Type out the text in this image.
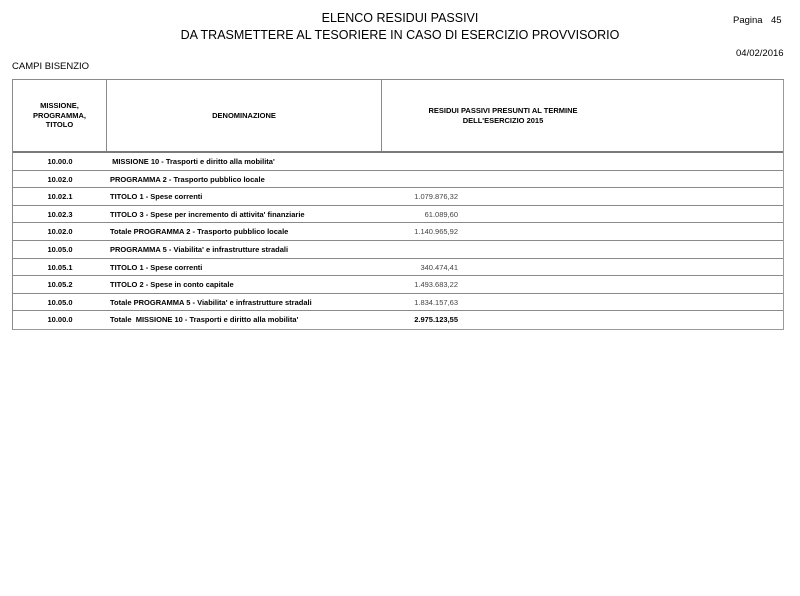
ELENCO RESIDUI PASSIVI
DA TRASMETTERE AL TESORIERE IN CASO DI ESERCIZIO PROVVISORIO
Pagina 45
04/02/2016
CAMPI BISENZIO
MISSIONE,
PROGRAMMA,
TITOLO
DENOMINAZIONE
RESIDUI PASSIVI PRESUNTI AL TERMINE
DELL'ESERCIZIO 2015
10.00.0	MISSIONE 10 - Trasporti e diritto alla mobilita'
10.02.0	PROGRAMMA 2 - Trasporto pubblico locale
10.02.1	TITOLO 1 - Spese correnti	1.079.876,32
10.02.3	TITOLO 3 - Spese per incremento di attivita' finanziarie	61.089,60
10.02.0	Totale PROGRAMMA 2 - Trasporto pubblico locale	1.140.965,92
10.05.0	PROGRAMMA 5 - Viabilita' e infrastrutture stradali
10.05.1	TITOLO 1 - Spese correnti	340.474,41
10.05.2	TITOLO 2 - Spese in conto capitale	1.493.683,22
10.05.0	Totale PROGRAMMA 5 - Viabilita' e infrastrutture stradali	1.834.157,63
10.00.0	Totale  MISSIONE 10 - Trasporti e diritto alla mobilita'	2.975.123,55
